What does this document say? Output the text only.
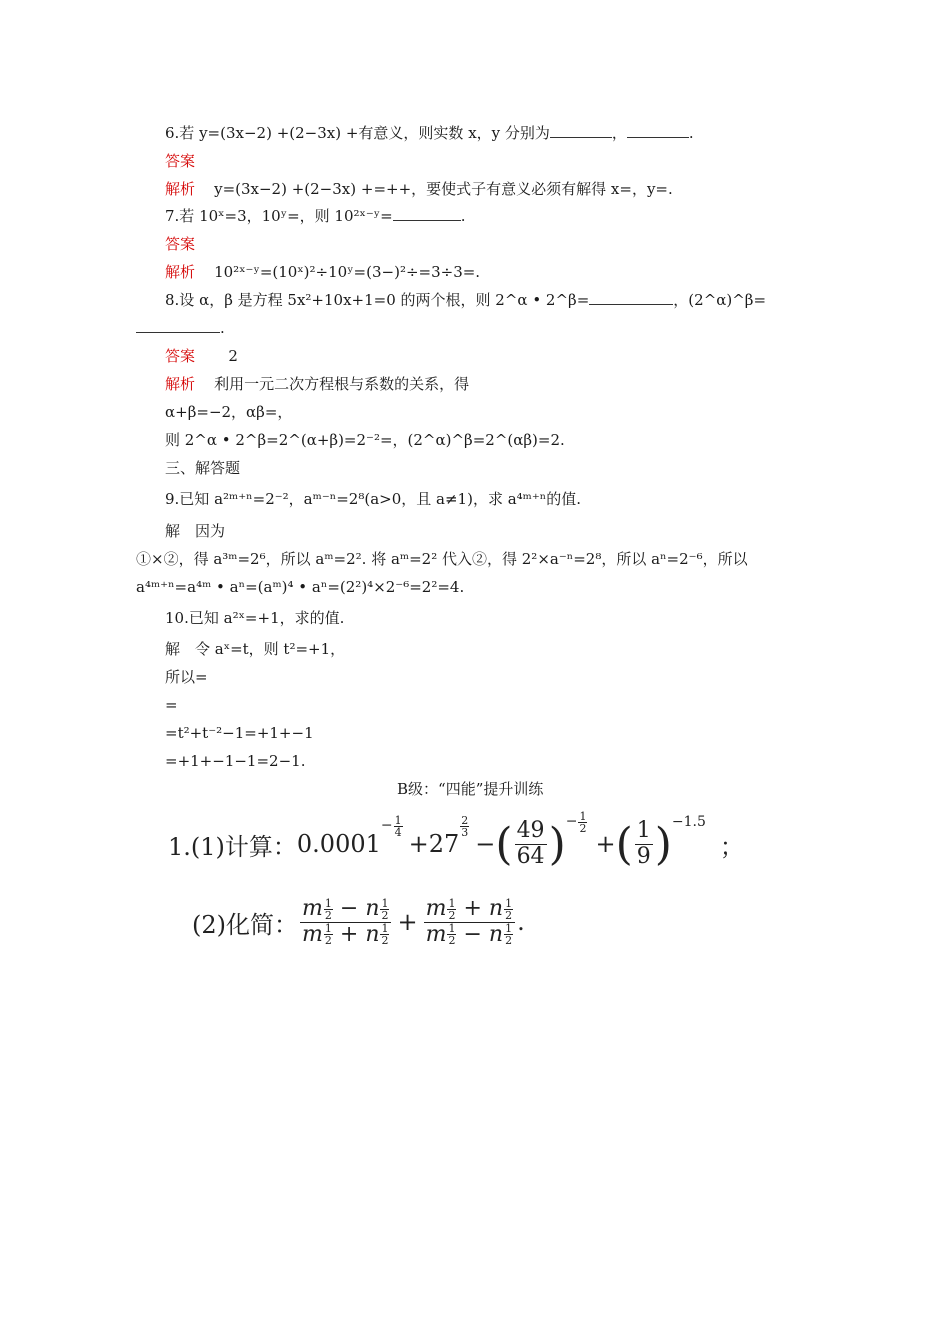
6.若 y=(3x−2) +(2−3x) +有意义，则实数 x，y 分别为	，	.
答案
解析 y=(3x−2) +(2−3x) +=++，要使式子有意义必须有解得 x=，y=.
7.若 10ˣ=3，10ʸ=，则 10²ˣ⁻ʸ=	.
答案
解析 10²ˣ⁻ʸ=(10ˣ)²÷10ʸ=(3−)²÷=3÷3=.
8.设 α，β 是方程 5x²+10x+1=0 的两个根，则 2^α • 2^β=	，(2^α)^β=
.
答案 2
解析 利用一元二次方程根与系数的关系，得
α+β=−2，αβ=，
则 2^α • 2^β=2^(α+β)=2⁻²=，(2^α)^β=2^(αβ)=2.
三、解答题
9.已知 a²ᵐ⁺ⁿ=2⁻²，aᵐ⁻ⁿ=2⁸(a>0，且 a≠1)，求 a⁴ᵐ⁺ⁿ的值.
解　因为
①×②，得 a³ᵐ=2⁶，所以 aᵐ=2². 将 aᵐ=2² 代入②，得 2²×a⁻ⁿ=2⁸，所以 aⁿ=2⁻⁶，所以
a⁴ᵐ⁺ⁿ=a⁴ᵐ • aⁿ=(aᵐ)⁴ • aⁿ=(2²)⁴×2⁻⁶=2²=4.
10.已知 a²ˣ=+1，求的值.
解　令 aˣ=t，则 t²=+1，
所以=
=
=t²+t⁻²−1=+1+−1
=+1+−1−1=2−1.
B级：“四能”提升训练
1.(1)计算： 0.0001
− $\frac{1}{4}$
+27
$\frac{2}{3}$
− ( $\frac{49}{64}$ ) − $\frac{1}{2}$
+ ( $\frac{1}{9}$ ) −1.5
；
(2)化简： $\frac{m \frac{1}{2} - n \frac{1}{2}}{m \frac{1}{2} + n \frac{1}{2}} + \frac{m \frac{1}{2} + n \frac{1}{2}}{m \frac{1}{2} - n \frac{1}{2}}$ .
